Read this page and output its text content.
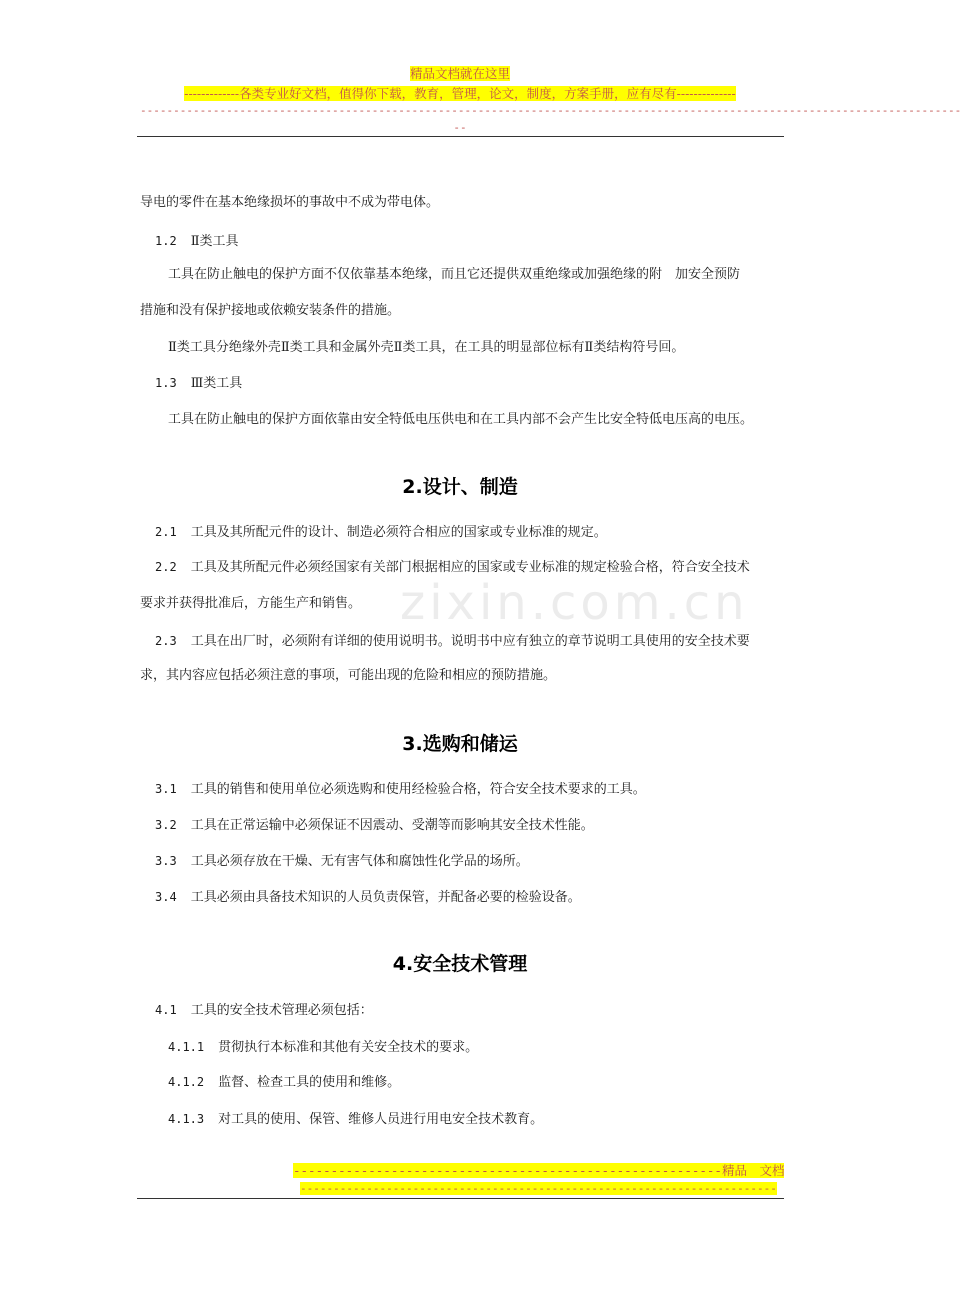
精品文档就在这里
-------------各类专业好文档，值得你下载，教育，管理，论文，制度，方案手册，应有尽有--------------
----------------------------------------------------------------------------------------------------------------------------
--
zixin.com.cn
导电的零件在基本绝缘损坏的事故中不成为带电体。
1.2 Ⅱ类工具
工具在防止触电的保护方面不仅依靠基本绝缘，而且它还提供双重绝缘或加强绝缘的附　加安全预防
措施和没有保护接地或依赖安装条件的措施。
Ⅱ类工具分绝缘外壳Ⅱ类工具和金属外壳Ⅱ类工具，在工具的明显部位标有Ⅱ类结构符号回。
1.3 Ⅲ类工具
工具在防止触电的保护方面依靠由安全特低电压供电和在工具内部不会产生比安全特低电压高的电压。
2.设计、制造
2.1 工具及其所配元件的设计、制造必须符合相应的国家或专业标准的规定。
2.2 工具及其所配元件必须经国家有关部门根据相应的国家或专业标准的规定检验合格，符合安全技术
要求并获得批准后，方能生产和销售。
2.3 工具在出厂时，必须附有详细的使用说明书。说明书中应有独立的章节说明工具使用的安全技术要
求，其内容应包括必须注意的事项，可能出现的危险和相应的预防措施。
3.选购和储运
3.1 工具的销售和使用单位必须选购和使用经检验合格，符合安全技术要求的工具。
3.2 工具在正常运输中必须保证不因震动、受潮等而影响其安全技术性能。
3.3 工具必须存放在干燥、无有害气体和腐蚀性化学品的场所。
3.4 工具必须由具备技术知识的人员负责保管，并配备必要的检验设备。
4.安全技术管理
4.1 工具的安全技术管理必须包括：
4.1.1 贯彻执行本标准和其他有关安全技术的要求。
4.1.2 监督、检查工具的使用和维修。
4.1.3 对工具的使用、保管、维修人员进行用电安全技术教育。
---------------------------------------------------------精品　文档
------------------------------------------------------------------------
